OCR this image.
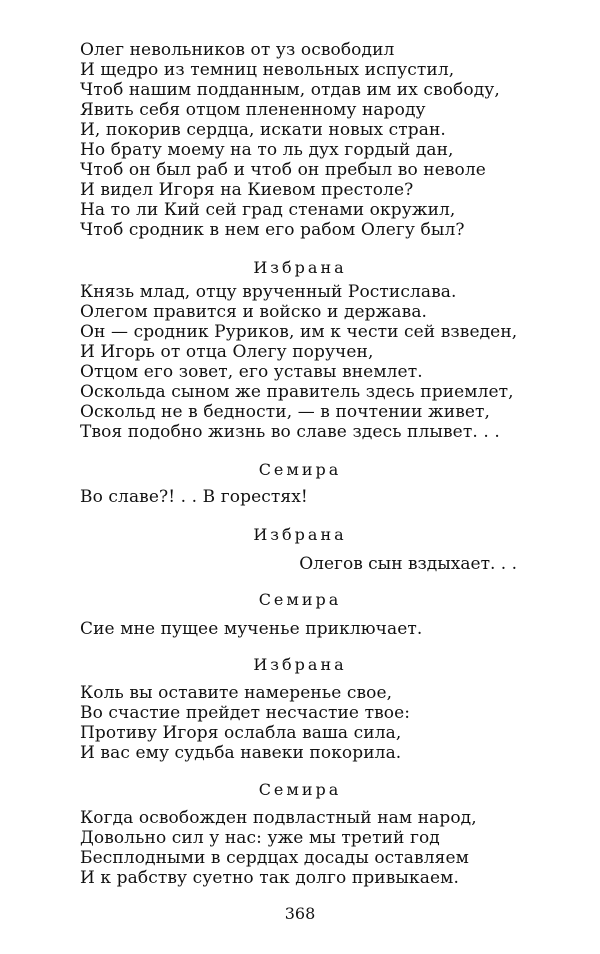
Олег невольников от уз освободил
И щедро из темниц невольных испустил,
Чтоб нашим подданным, отдав им их свободу,
Явить себя отцом плененному народу
И, покорив сердца, искати новых стран.
Но брату моему на то ль дух гордый дан,
Чтоб он был раб и чтоб он пребыл во неволе
И видел Игоря на Киевом престоле?
На то ли Кий сей град стенами окружил,
Чтоб сродник в нем его рабом Олегу был?
Избрана
Князь млад, отцу врученный Ростислава.
Олегом правится и войско и держава.
Он — сродник Руриков, им к чести сей взведен,
И Игорь от отца Олегу поручен,
Отцом его зовет, его уставы внемлет.
Оскольда сыном же правитель здесь приемлет,
Оскольд не в бедности, — в почтении живет,
Твоя подобно жизнь во славе здесь плывет. . .
Семира
Во славе?! . . В горестях!
Избрана
Олегов сын вздыхает. . .
Семира
Сие мне пущее мученье приключает.
Избрана
Коль вы оставите намеренье свое,
Во счастие прейдет несчастие твое:
Противу Игоря ослабла ваша сила,
И вас ему судьба навеки покорила.
Семира
Когда освобожден подвластный нам народ,
Довольно сил у нас: уже мы третий год
Бесплодными в сердцах досады оставляем
И к рабству суетно так долго привыкаем.
368
